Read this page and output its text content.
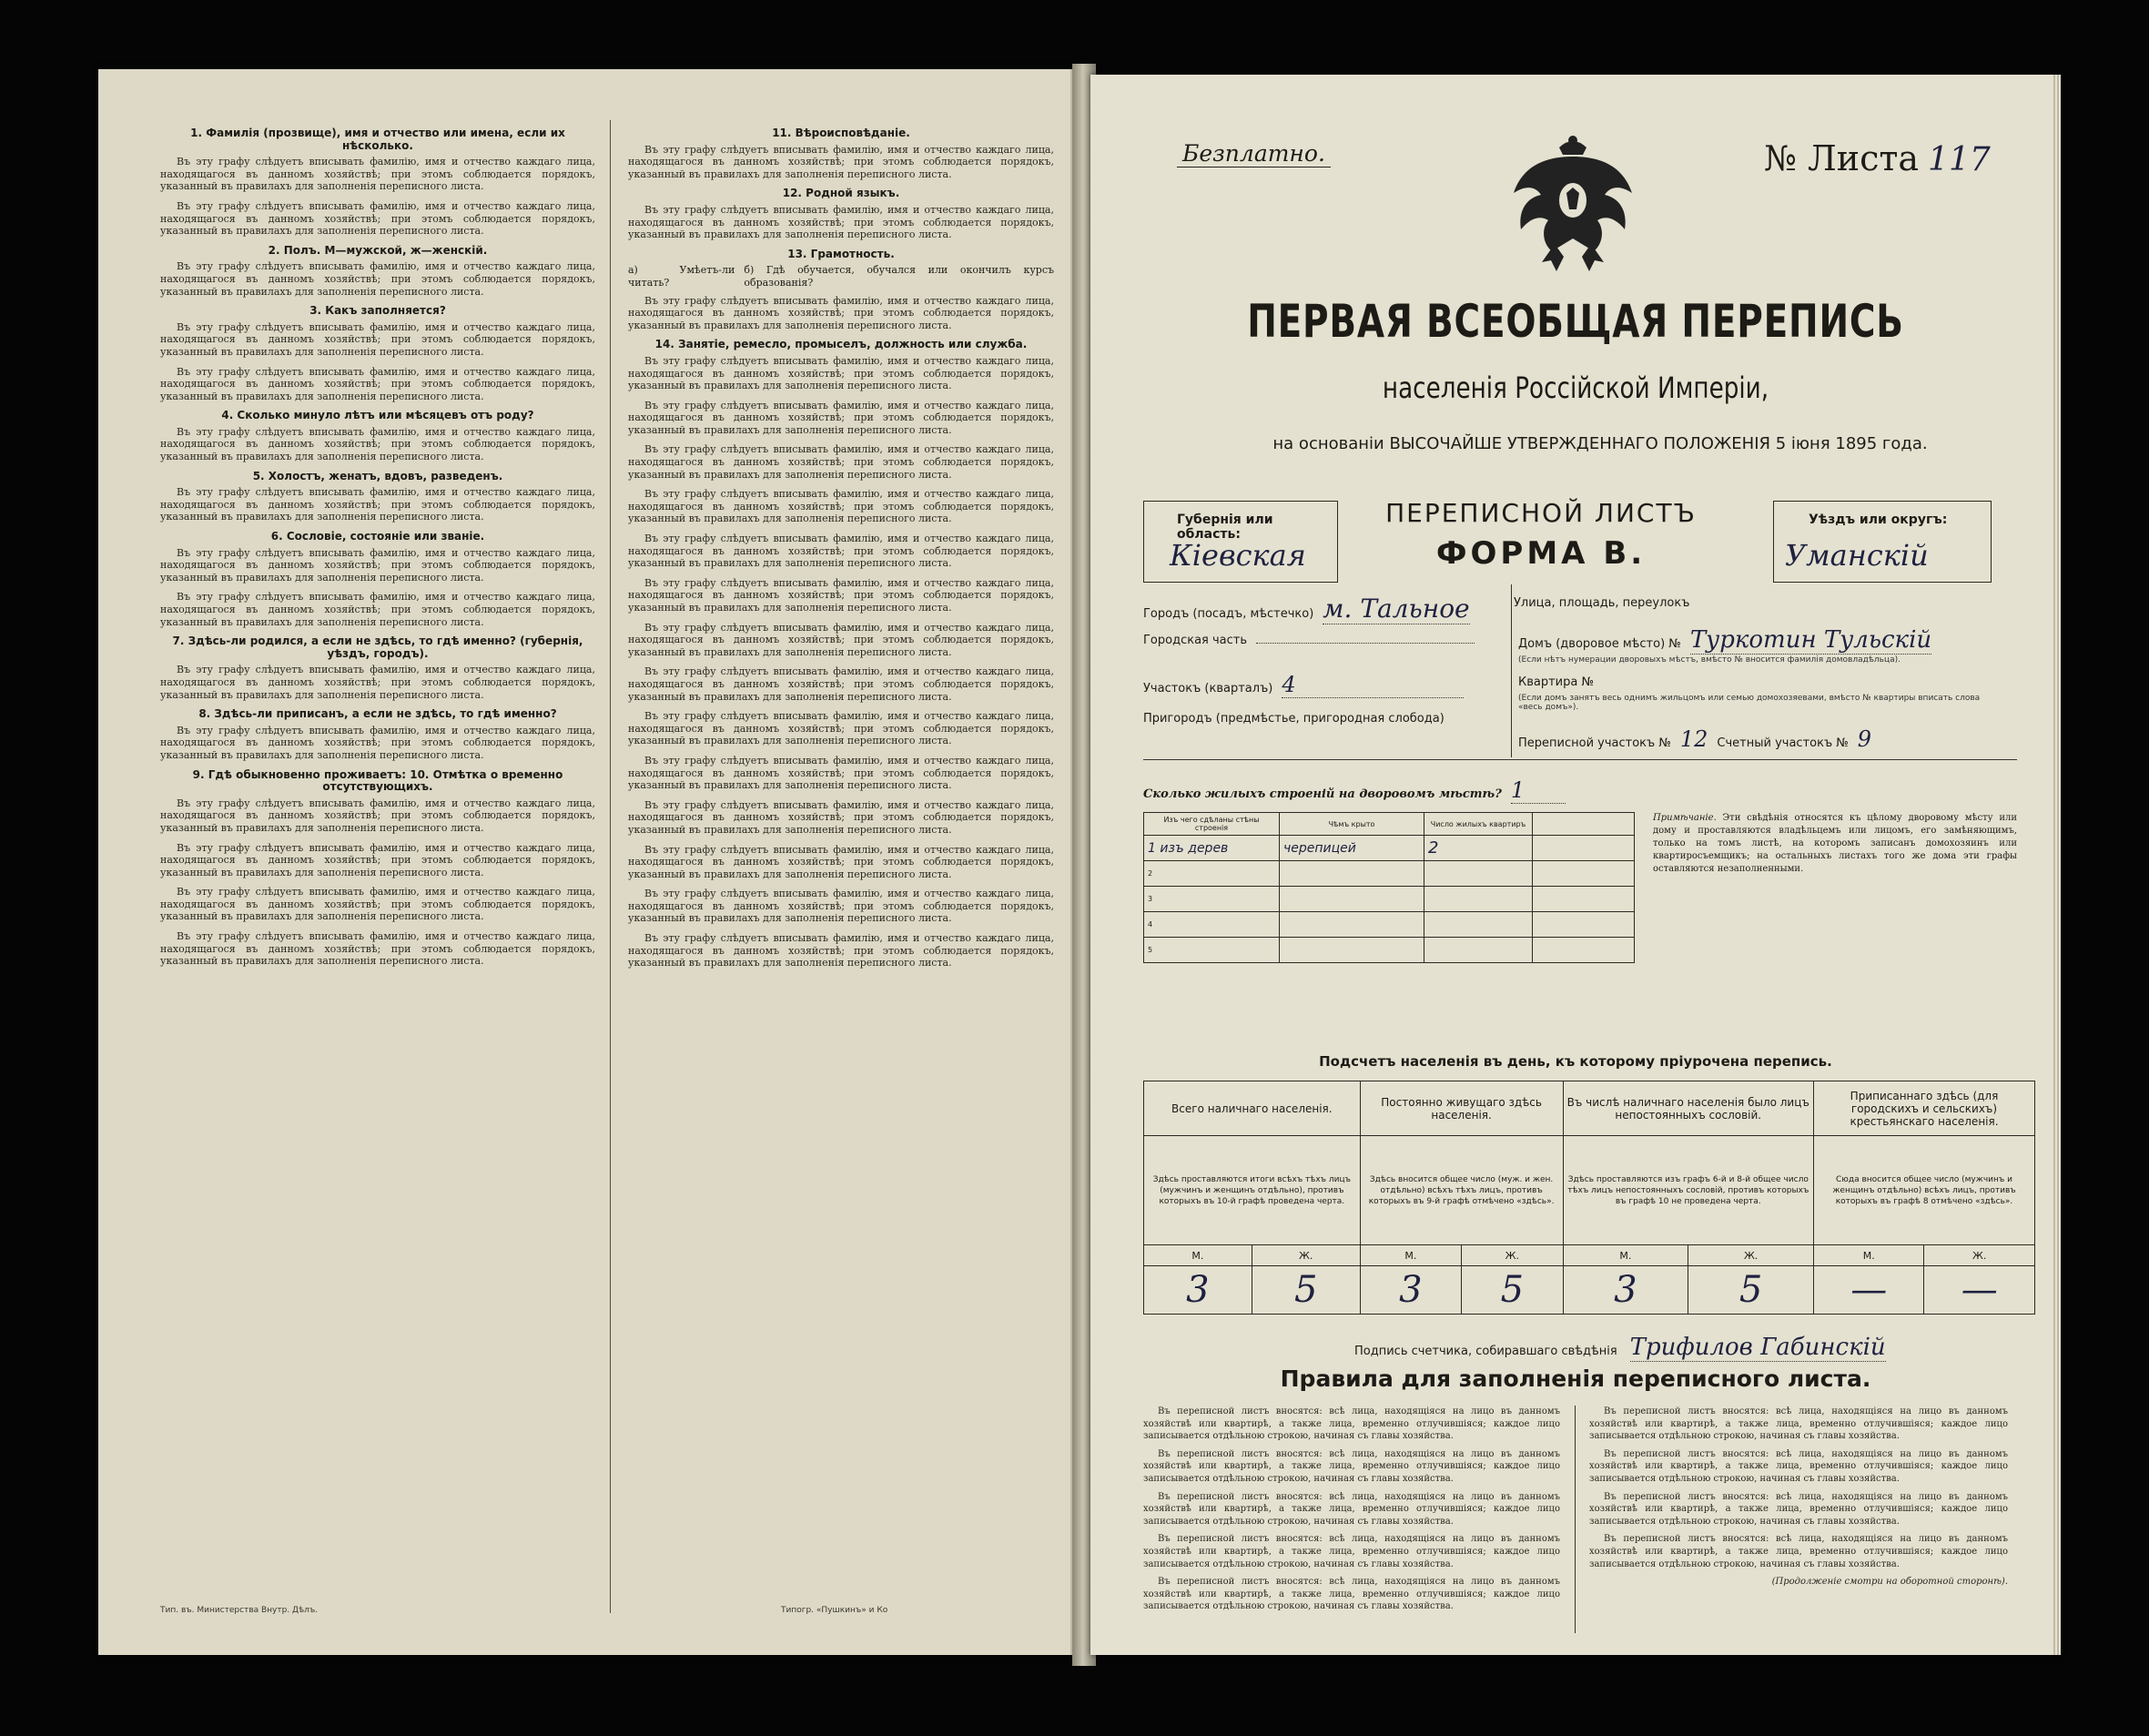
1. Фамилія (прозвище), имя и отчество или имена, если их нѣсколько.

Въ эту графу слѣдуетъ вписывать фамилію, имя и отчество каждаго лица, находящагося въ данномъ хозяйствѣ; при этомъ соблюдается порядокъ, указанный въ правилахъ для заполненія переписного листа.

Въ эту графу слѣдуетъ вписывать фамилію, имя и отчество каждаго лица, находящагося въ данномъ хозяйствѣ; при этомъ соблюдается порядокъ, указанный въ правилахъ для заполненія переписного листа.

2. Полъ. М—мужской, ж—женскій.

Въ эту графу слѣдуетъ вписывать фамилію, имя и отчество каждаго лица, находящагося въ данномъ хозяйствѣ; при этомъ соблюдается порядокъ, указанный въ правилахъ для заполненія переписного листа.

3. Какъ заполняется?

Въ эту графу слѣдуетъ вписывать фамилію, имя и отчество каждаго лица, находящагося въ данномъ хозяйствѣ; при этомъ соблюдается порядокъ, указанный въ правилахъ для заполненія переписного листа.

Въ эту графу слѣдуетъ вписывать фамилію, имя и отчество каждаго лица, находящагося въ данномъ хозяйствѣ; при этомъ соблюдается порядокъ, указанный въ правилахъ для заполненія переписного листа.

4. Сколько минуло лѣтъ или мѣсяцевъ отъ роду?

Въ эту графу слѣдуетъ вписывать фамилію, имя и отчество каждаго лица, находящагося въ данномъ хозяйствѣ; при этомъ соблюдается порядокъ, указанный въ правилахъ для заполненія переписного листа.

5. Холостъ, женатъ, вдовъ, разведенъ.

Въ эту графу слѣдуетъ вписывать фамилію, имя и отчество каждаго лица, находящагося въ данномъ хозяйствѣ; при этомъ соблюдается порядокъ, указанный въ правилахъ для заполненія переписного листа.

6. Сословіе, состояніе или званіе.

Въ эту графу слѣдуетъ вписывать фамилію, имя и отчество каждаго лица, находящагося въ данномъ хозяйствѣ; при этомъ соблюдается порядокъ, указанный въ правилахъ для заполненія переписного листа.

Въ эту графу слѣдуетъ вписывать фамилію, имя и отчество каждаго лица, находящагося въ данномъ хозяйствѣ; при этомъ соблюдается порядокъ, указанный въ правилахъ для заполненія переписного листа.

7. Здѣсь-ли родился, а если не здѣсь, то гдѣ именно? (губернія, уѣздъ, городъ).

Въ эту графу слѣдуетъ вписывать фамилію, имя и отчество каждаго лица, находящагося въ данномъ хозяйствѣ; при этомъ соблюдается порядокъ, указанный въ правилахъ для заполненія переписного листа.

8. Здѣсь-ли приписанъ, а если не здѣсь, то гдѣ именно?

Въ эту графу слѣдуетъ вписывать фамилію, имя и отчество каждаго лица, находящагося въ данномъ хозяйствѣ; при этомъ соблюдается порядокъ, указанный въ правилахъ для заполненія переписного листа.

9. Гдѣ обыкновенно проживаетъ: 10. Отмѣтка о временно отсутствующихъ.

Въ эту графу слѣдуетъ вписывать фамилію, имя и отчество каждаго лица, находящагося въ данномъ хозяйствѣ; при этомъ соблюдается порядокъ, указанный въ правилахъ для заполненія переписного листа.

Въ эту графу слѣдуетъ вписывать фамилію, имя и отчество каждаго лица, находящагося въ данномъ хозяйствѣ; при этомъ соблюдается порядокъ, указанный въ правилахъ для заполненія переписного листа.

Въ эту графу слѣдуетъ вписывать фамилію, имя и отчество каждаго лица, находящагося въ данномъ хозяйствѣ; при этомъ соблюдается порядокъ, указанный въ правилахъ для заполненія переписного листа.

Въ эту графу слѣдуетъ вписывать фамилію, имя и отчество каждаго лица, находящагося въ данномъ хозяйствѣ; при этомъ соблюдается порядокъ, указанный въ правилахъ для заполненія переписного листа.

11. Вѣроисповѣданіе.

Въ эту графу слѣдуетъ вписывать фамилію, имя и отчество каждаго лица, находящагося въ данномъ хозяйствѣ; при этомъ соблюдается порядокъ, указанный въ правилахъ для заполненія переписного листа.

12. Родной языкъ.

Въ эту графу слѣдуетъ вписывать фамилію, имя и отчество каждаго лица, находящагося въ данномъ хозяйствѣ; при этомъ соблюдается порядокъ, указанный въ правилахъ для заполненія переписного листа.

13. Грамотность.
а) Умѣетъ-ли читать?
б) Гдѣ обучается, обучался или окончилъ курсъ образованія?

Въ эту графу слѣдуетъ вписывать фамилію, имя и отчество каждаго лица, находящагося въ данномъ хозяйствѣ; при этомъ соблюдается порядокъ, указанный въ правилахъ для заполненія переписного листа.

14. Занятіе, ремесло, промыселъ, должность или служба.

Въ эту графу слѣдуетъ вписывать фамилію, имя и отчество каждаго лица, находящагося въ данномъ хозяйствѣ; при этомъ соблюдается порядокъ, указанный въ правилахъ для заполненія переписного листа.

Въ эту графу слѣдуетъ вписывать фамилію, имя и отчество каждаго лица, находящагося въ данномъ хозяйствѣ; при этомъ соблюдается порядокъ, указанный въ правилахъ для заполненія переписного листа.

Въ эту графу слѣдуетъ вписывать фамилію, имя и отчество каждаго лица, находящагося въ данномъ хозяйствѣ; при этомъ соблюдается порядокъ, указанный въ правилахъ для заполненія переписного листа.

Въ эту графу слѣдуетъ вписывать фамилію, имя и отчество каждаго лица, находящагося въ данномъ хозяйствѣ; при этомъ соблюдается порядокъ, указанный въ правилахъ для заполненія переписного листа.

Въ эту графу слѣдуетъ вписывать фамилію, имя и отчество каждаго лица, находящагося въ данномъ хозяйствѣ; при этомъ соблюдается порядокъ, указанный въ правилахъ для заполненія переписного листа.

Въ эту графу слѣдуетъ вписывать фамилію, имя и отчество каждаго лица, находящагося въ данномъ хозяйствѣ; при этомъ соблюдается порядокъ, указанный въ правилахъ для заполненія переписного листа.

Въ эту графу слѣдуетъ вписывать фамилію, имя и отчество каждаго лица, находящагося въ данномъ хозяйствѣ; при этомъ соблюдается порядокъ, указанный въ правилахъ для заполненія переписного листа.

Въ эту графу слѣдуетъ вписывать фамилію, имя и отчество каждаго лица, находящагося въ данномъ хозяйствѣ; при этомъ соблюдается порядокъ, указанный въ правилахъ для заполненія переписного листа.

Въ эту графу слѣдуетъ вписывать фамилію, имя и отчество каждаго лица, находящагося въ данномъ хозяйствѣ; при этомъ соблюдается порядокъ, указанный въ правилахъ для заполненія переписного листа.

Въ эту графу слѣдуетъ вписывать фамилію, имя и отчество каждаго лица, находящагося въ данномъ хозяйствѣ; при этомъ соблюдается порядокъ, указанный въ правилахъ для заполненія переписного листа.

Въ эту графу слѣдуетъ вписывать фамилію, имя и отчество каждаго лица, находящагося въ данномъ хозяйствѣ; при этомъ соблюдается порядокъ, указанный въ правилахъ для заполненія переписного листа.

Въ эту графу слѣдуетъ вписывать фамилію, имя и отчество каждаго лица, находящагося въ данномъ хозяйствѣ; при этомъ соблюдается порядокъ, указанный въ правилахъ для заполненія переписного листа.

Въ эту графу слѣдуетъ вписывать фамилію, имя и отчество каждаго лица, находящагося въ данномъ хозяйствѣ; при этомъ соблюдается порядокъ, указанный въ правилахъ для заполненія переписного листа.

Въ эту графу слѣдуетъ вписывать фамилію, имя и отчество каждаго лица, находящагося въ данномъ хозяйствѣ; при этомъ соблюдается порядокъ, указанный въ правилахъ для заполненія переписного листа.

Тип. въ. Министерства Внутр. Дѣлъ.	Типогр. «Пушкинъ» и Ко
Безплатно.	№ Листа 117
ПЕРВАЯ ВСЕОБЩАЯ ПЕРЕПИСЬ
населенія Россійской Имперіи,
на основаніи ВЫСОЧАЙШЕ УТВЕРЖДЕННАГО ПОЛОЖЕНІЯ 5 іюня 1895 года.
Губернія или область:
Кіевская
ПЕРЕПИСНОЙ ЛИСТЪ
ФОРМА В.
Уѣздъ или округъ:
Уманскій
Городъ (посадъ, мѣстечко) м. Тальное	Улица, площадь, переулокъ
Городская часть	Домъ (дворовое мѣсто) № Туркотин Тульскій
(Если нѣтъ нумерации дворовыхъ мѣстъ, вмѣсто № вносится фамилія домовладѣльца).
Участокъ (кварталъ) 4	Квартира №
Пригородъ (предмѣстье, пригородная слобода)
(Если домъ занятъ весь однимъ жильцомъ или семью домохозяевами, вмѣсто № квартиры вписать слова «весь домъ»).
Переписной участокъ № 12 Счетный участокъ № 9
Сколько жилыхъ строеній на дворовомъ мѣстѣ? 1
Изъ чего сдѣланы стѣны строенія	Чѣмъ крыто	Число жилыхъ квартиръ	
1 изъ дерев	черепицей	2	
2			
3			
4			
5			
Примѣчаніе. Эти свѣдѣнія относятся къ цѣлому дворовому мѣсту или дому и проставляются владѣльцемъ или лицомъ, его замѣняющимъ, только на томъ листѣ, на которомъ записанъ домохозяинъ или квартиросъемщикъ; на остальныхъ листахъ того же дома эти графы оставляются незаполненными.
Подсчетъ населенія въ день, къ которому пріурочена перепись.
Всего наличнаго населенія.		Постоянно живущаго здѣсь населенія.		Въ числѣ наличнаго населенія было лицъ непостоянныхъ сословій.		Приписаннаго здѣсь (для городскихъ и сельскихъ) крестьянскаго населенія.	
Здѣсь проставляются итоги всѣхъ тѣхъ лицъ (мужчинъ и женщинъ отдѣльно), противъ которыхъ въ 10-й графѣ проведена черта.		Здѣсь вносится общее число (муж. и жен. отдѣльно) всѣхъ тѣхъ лицъ, противъ которыхъ въ 9-й графѣ отмѣчено «здѣсь».		Здѣсь проставляются изъ графъ 6-й и 8-й общее число тѣхъ лицъ непостоянныхъ сословій, противъ которыхъ въ графѣ 10 не проведена черта.		Сюда вносится общее число (мужчинъ и женщинъ отдѣльно) всѣхъ лицъ, противъ которыхъ въ графѣ 8 отмѣчено «здѣсь».	
М.	Ж.	М.	Ж.	М.	Ж.	М.	Ж.
3	5	3	5	3	5	—	—
Подпись счетчика, собиравшаго свѣдѣнія Трифилов Габинскій
Правила для заполненія переписного листа.

Въ переписной листъ вносятся: всѣ лица, находящіяся на лицо въ данномъ хозяйствѣ или квартирѣ, а также лица, временно отлучившіяся; каждое лицо записывается отдѣльною строкою, начиная съ главы хозяйства.

Въ переписной листъ вносятся: всѣ лица, находящіяся на лицо въ данномъ хозяйствѣ или квартирѣ, а также лица, временно отлучившіяся; каждое лицо записывается отдѣльною строкою, начиная съ главы хозяйства.

Въ переписной листъ вносятся: всѣ лица, находящіяся на лицо въ данномъ хозяйствѣ или квартирѣ, а также лица, временно отлучившіяся; каждое лицо записывается отдѣльною строкою, начиная съ главы хозяйства.

Въ переписной листъ вносятся: всѣ лица, находящіяся на лицо въ данномъ хозяйствѣ или квартирѣ, а также лица, временно отлучившіяся; каждое лицо записывается отдѣльною строкою, начиная съ главы хозяйства.

Въ переписной листъ вносятся: всѣ лица, находящіяся на лицо въ данномъ хозяйствѣ или квартирѣ, а также лица, временно отлучившіяся; каждое лицо записывается отдѣльною строкою, начиная съ главы хозяйства.

Въ переписной листъ вносятся: всѣ лица, находящіяся на лицо въ данномъ хозяйствѣ или квартирѣ, а также лица, временно отлучившіяся; каждое лицо записывается отдѣльною строкою, начиная съ главы хозяйства.

Въ переписной листъ вносятся: всѣ лица, находящіяся на лицо въ данномъ хозяйствѣ или квартирѣ, а также лица, временно отлучившіяся; каждое лицо записывается отдѣльною строкою, начиная съ главы хозяйства.

Въ переписной листъ вносятся: всѣ лица, находящіяся на лицо въ данномъ хозяйствѣ или квартирѣ, а также лица, временно отлучившіяся; каждое лицо записывается отдѣльною строкою, начиная съ главы хозяйства.

Въ переписной листъ вносятся: всѣ лица, находящіяся на лицо въ данномъ хозяйствѣ или квартирѣ, а также лица, временно отлучившіяся; каждое лицо записывается отдѣльною строкою, начиная съ главы хозяйства.

(Продолженіе смотри на оборотной сторонѣ).
